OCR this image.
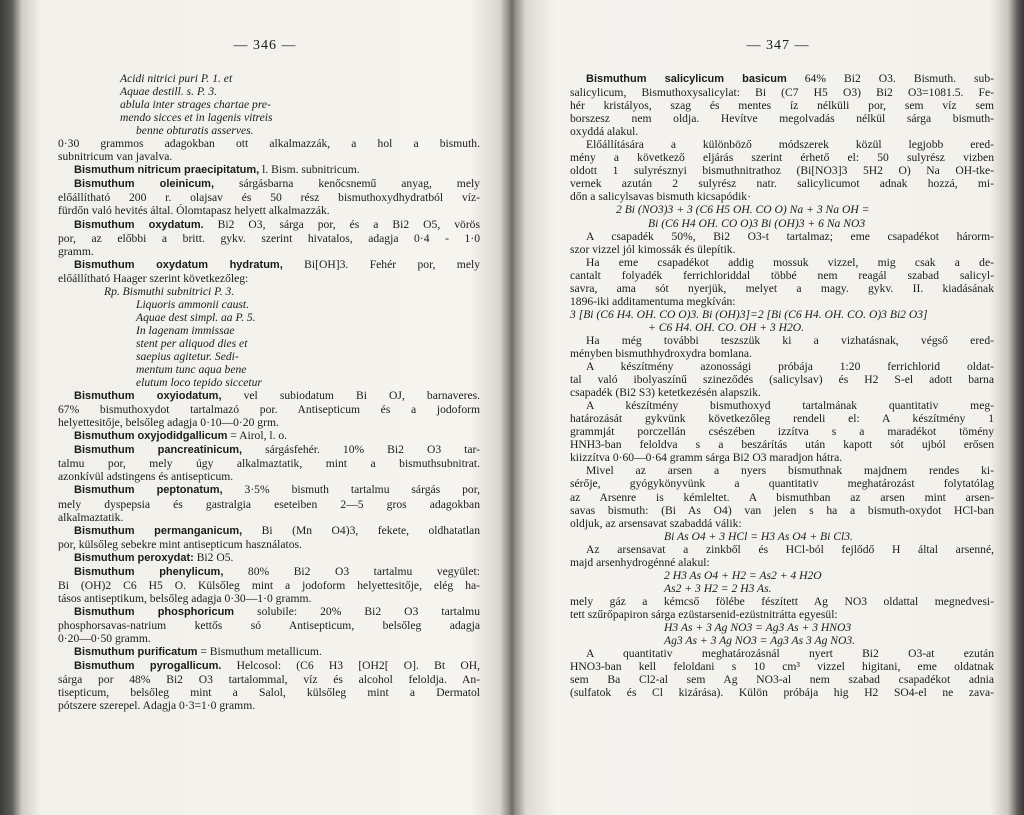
— 346 —
Acidi nitrici puri P. 1. et
Aquae destill. s. P. 3.
ablula inter strages chartae pre-
mendo sicces et in lagenis vitreis
benne obturatis asserves.
0·30 grammos adagokban ott alkalmazzák, a hol a bismuth.
subnitricum van javalva.
Bismuthum nitricum praecipitatum, l. Bism. subnitricum.
Bismuthum oleinicum, sárgásbarna kenőcsnemű anyag, mely
előállítható 200 r. olajsav és 50 rész bismuthoxydhydratból víz-
fürdőn való hevités által. Ólomtapasz helyett alkalmazzák.
Bismuthum oxydatum. Bi2 O3, sárga por, és a Bi2 O5, vörös
por, az előbbi a britt. gykv. szerint hivatalos, adagja 0·4 - 1·0
gramm.
Bismuthum oxydatum hydratum, Bi[OH]3. Fehér por, mely
előállítható Haager szerint következőleg:
Rp. Bismuthi subnitrici P. 3.
Liquoris ammonii caust.
Aquae dest simpl. aa P. 5.
In lagenam immissae
stent per aliquod dies et
saepius agitetur. Sedi-
mentum tunc aqua bene
elutum loco tepido siccetur
Bismuthum oxyiodatum, vel subiodatum Bi OJ, barnaveres.
67% bismuthoxydot tartalmazó por. Antisepticum és a jodoform
helyettesitője, belsőleg adagja 0·10—0·20 grm.
Bismuthum oxyjodidgallicum = Airol, l. o.
Bismuthum pancreatinicum, sárgásfehér. 10% Bi2 O3 tar-
talmu por, mely úgy alkalmaztatik, mint a bismuthsubnitrat.
azonkívül adstingens és antisepticum.
Bismuthum peptonatum, 3·5% bismuth tartalmu sárgás por,
mely dyspepsia és gastralgia eseteiben 2—5 gros adagokban
alkalmaztatik.
Bismuthum permanganicum, Bi (Mn O4)3, fekete, oldhatatlan
por, külsőleg sebekre mint antisepticum használatos.
Bismuthum peroxydat: Bi2 O5.
Bismuthum phenylicum, 80% Bi2 O3 tartalmu vegyület:
Bi (OH)2 C6 H5 O. Külsőleg mint a jodoform helyettesitője, elég ha-
tásos antiseptikum, belsőleg adagja 0·30—1·0 gramm.
Bismuthum phosphoricum solubile: 20% Bi2 O3 tartalmu
phosphorsavas-natrium kettős só Antisepticum, belsőleg adagja
0·20—0·50 gramm.
Bismuthum purificatum = Bismuthum metallicum.
Bismuthum pyrogallicum. Helcosol: (C6 H3 [OH2[ O]. Bt OH,
sárga por 48% Bi2 O3 tartalommal, víz és alcohol feloldja. An-
tisepticum, belsőleg mint a Salol, külsőleg mint a Dermatol
pótszere szerepel. Adagja 0·3=1·0 gramm.
— 347 —
Bismuthum salicylicum basicum 64% Bi2 O3. Bismuth. sub-
salicylicum, Bismuthoxysalicylat: Bi (C7 H5 O3) Bi2 O3=1081.5. Fe-
hér kristályos, szag és mentes íz nélküli por, sem víz sem
borszesz nem oldja. Hevítve megolvadás nélkül sárga bismuth-
oxyddá alakul.
Előállítására a különböző módszerek közül legjobb ered-
mény a következő eljárás szerint érhető el: 50 sulyrész vizben
oldott 1 sulyrésznyi bismuthnitrathoz (Bi[NO3]3 5H2 O) Na OH-tke-
vernek azután 2 sulyrész natr. salicylicumot adnak hozzá, mi-
dőn a salicylsavas bismuth kicsapódik·
2 Bi (NO3)3 + 3 (C6 H5 OH. CO O) Na + 3 Na OH =
Bi (C6 H4 OH. CO O)3 Bi (OH)3 + 6 Na NO3
A csapadék 50%, Bi2 O3-t tartalmaz; eme csapadékot hárorm-
szor vizzel jól kimossák és ülepítik.
Ha eme csapadékot addig mossuk vizzel, mig csak a de-
cantalt folyadék ferrichloriddal többé nem reagál szabad salicyl-
savra, ama sót nyerjük, melyet a magy. gykv. II. kiadásának
1896-iki additamentuma megkíván:
3 [Bi (C6 H4. OH. CO O)3. Bi (OH)3]=2 [Bi (C6 H4. OH. CO. O)3 Bi2 O3]
+ C6 H4. OH. CO. OH + 3 H2O.
Ha még további teszszük ki a vizhatásnak, végső ered-
ményben bismuthhydroxydra bomlana.
A készítmény azonossági próbája 1:20 ferrichlorid oldat-
tal való ibolyaszínű szineződés (salicylsav) és H2 S-el adott barna
csapadék (Bi2 S3) ketetkezésén alapszik.
A készítmény bismuthoxyd tartalmának quantitativ meg-
határozását gykvünk következőleg rendeli el: A készítmény 1
grammját porczellán csészében izzítva s a maradékot tömény
HNH3-ban feloldva s a beszárítás után kapott sót ujból erősen
kiizzítva 0·60—0·64 gramm sárga Bi2 O3 maradjon hátra.
Mivel az arsen a nyers bismuthnak majdnem rendes ki-
sérője, gyógykönyvünk a quantitativ meghatározást folytatólag
az Arsenre is kémleltet. A bismuthban az arsen mint arsen-
savas bismuth: (Bi As O4) van jelen s ha a bismuth-oxydot HCl-ban
oldjuk, az arsensavat szabaddá válik:
Bi As O4 + 3 HCl = H3 As O4 + Bi Cl3.
Az arsensavat a zinkből és HCl-ból fejlődő H által arsenné,
majd arsenhydrogénné alakul:
2 H3 As O4 + H2 = As2 + 4 H2O
As2 + 3 H2 = 2 H3 As.
mely gáz a kémcső fölébe fészített Ag NO3 oldattal megnedvesi-
tett szűrőpapiron sárga ezüstarsenid-ezüstnitrátta egyesül:
H3 As + 3 Ag NO3 = Ag3 As + 3 HNO3
Ag3 As + 3 Ag NO3 = Ag3 As 3 Ag NO3.
A quantitativ meghatározásnál nyert Bi2 O3-at ezután
HNO3-ban kell feloldani s 10 cm³ vizzel higitani, eme oldatnak
sem Ba Cl2-al sem Ag NO3-al nem szabad csapadékot adnia
(sulfatok és Cl kizárása). Külön próbája hig H2 SO4-el ne zava-
